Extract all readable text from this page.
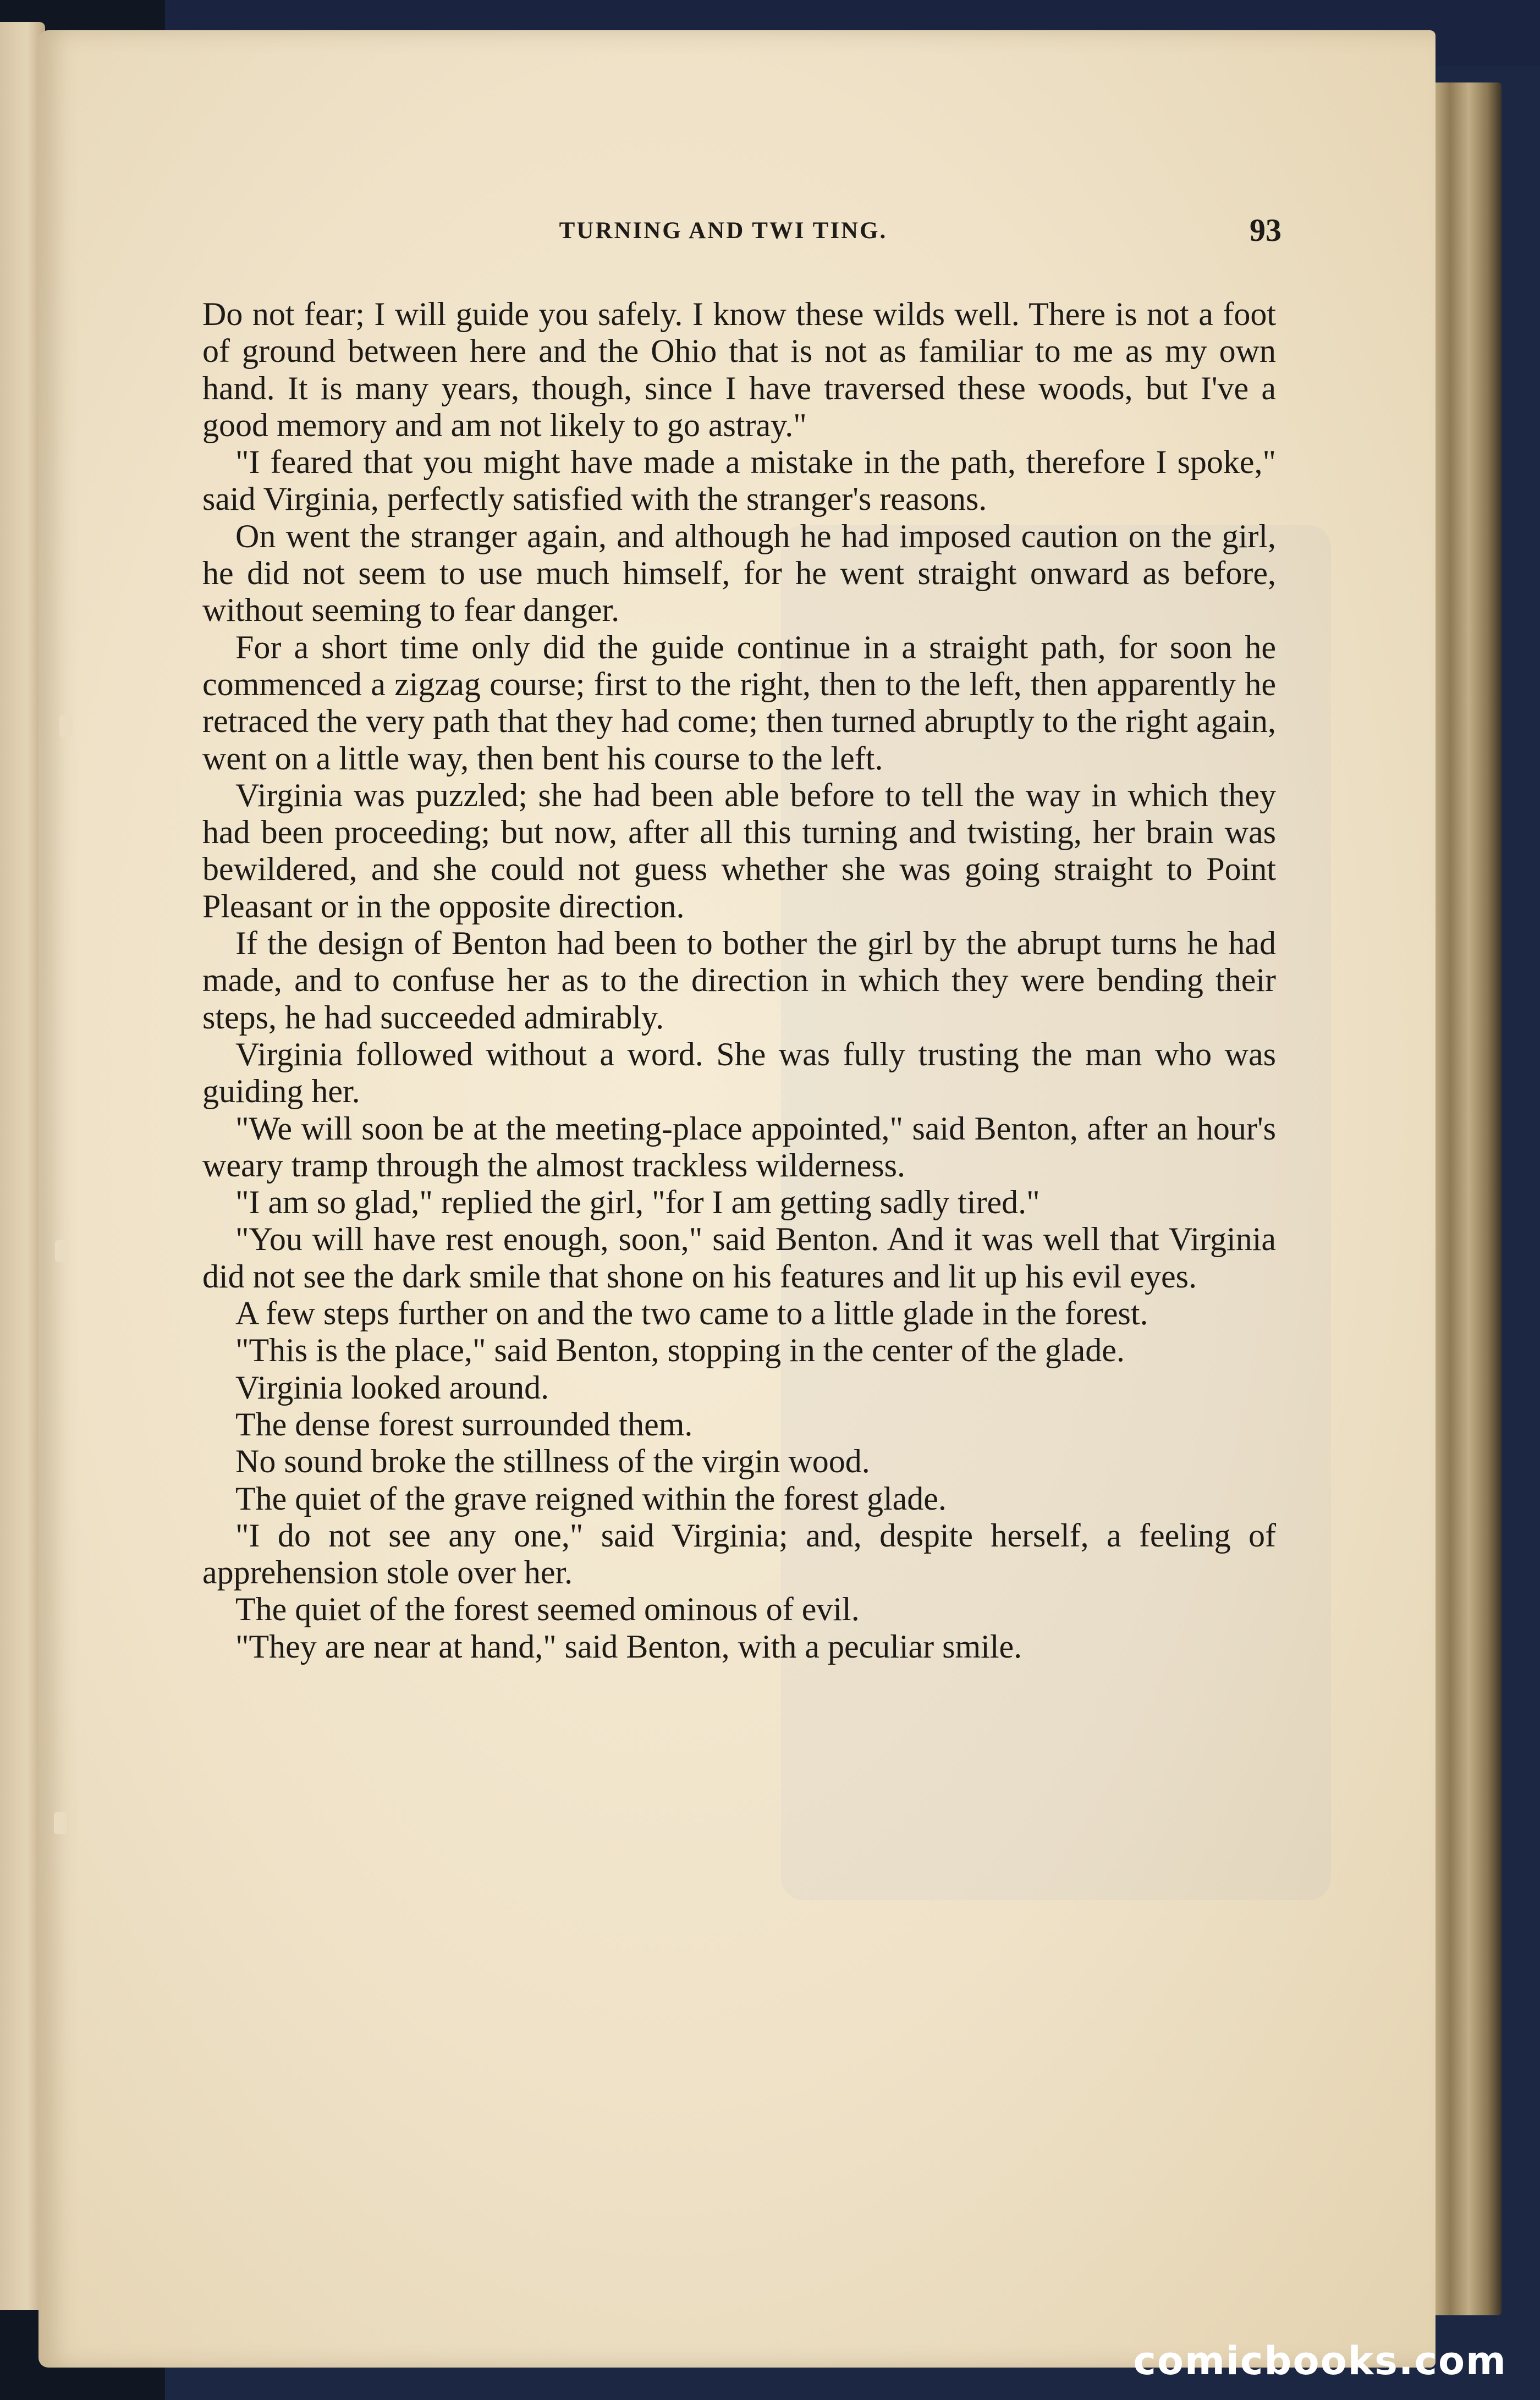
TURNING AND TWI TING.	93

Do not fear; I will guide you safely. I know these wilds well. There is not a foot of ground between here and the Ohio that is not as familiar to me as my own hand. It is many years, though, since I have traversed these woods, but I've a good memory and am not likely to go astray."

"I feared that you might have made a mistake in the path, therefore I spoke," said Virginia, perfectly satisfied with the stranger's reasons.

On went the stranger again, and although he had imposed caution on the girl, he did not seem to use much himself, for he went straight onward as before, without seeming to fear danger.

For a short time only did the guide continue in a straight path, for soon he commenced a zigzag course; first to the right, then to the left, then apparently he retraced the very path that they had come; then turned abruptly to the right again, went on a little way, then bent his course to the left.

Virginia was puzzled; she had been able before to tell the way in which they had been proceeding; but now, after all this turning and twisting, her brain was bewildered, and she could not guess whether she was going straight to Point Pleasant or in the opposite direction.

If the design of Benton had been to bother the girl by the abrupt turns he had made, and to confuse her as to the direction in which they were bending their steps, he had succeeded admirably.

Virginia followed without a word. She was fully trusting the man who was guiding her.

"We will soon be at the meeting-place appointed," said Benton, after an hour's weary tramp through the almost trackless wilderness.

"I am so glad," replied the girl, "for I am getting sadly tired."

"You will have rest enough, soon," said Benton. And it was well that Virginia did not see the dark smile that shone on his features and lit up his evil eyes.

A few steps further on and the two came to a little glade in the forest.

"This is the place," said Benton, stopping in the center of the glade.

Virginia looked around.

The dense forest surrounded them.

No sound broke the stillness of the virgin wood.

The quiet of the grave reigned within the forest glade.

"I do not see any one," said Virginia; and, despite herself, a feeling of apprehension stole over her.

The quiet of the forest seemed ominous of evil.

"They are near at hand," said Benton, with a peculiar smile.

comicbooks.com
